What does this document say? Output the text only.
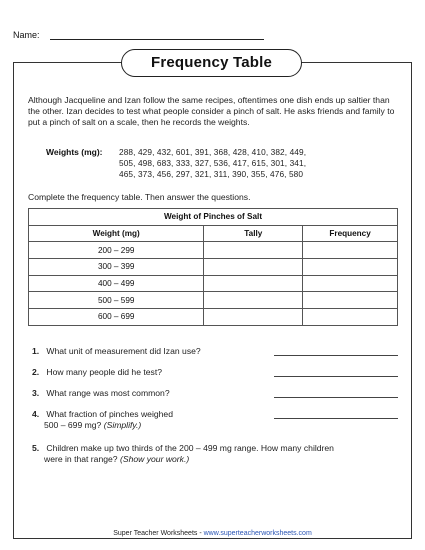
Name:
Frequency Table
Although Jacqueline and Izan follow the same recipes, oftentimes one dish ends up saltier than the other. Izan decides to test what people consider a pinch of salt. He asks friends and family to put a pinch of salt on a scale, then he records the weights.
Weights (mg): 288, 429, 432, 601, 391, 368, 428, 410, 382, 449,
505, 498, 683, 333, 327, 536, 417, 615, 301, 341,
465, 373, 456, 297, 321, 311, 390, 355, 476, 580
Complete the frequency table. Then answer the questions.
Weight of Pinches of Salt		
Weight (mg)	Tally	Frequency
200 – 299		
300 – 399		
400 – 499		
500 – 599		
600 – 699		
1. What unit of measurement did Izan use?
2. How many people did he test?
3. What range was most common?
4. What fraction of pinches weighed
500 – 699 mg? (Simplify.)
5. Children make up two thirds of the 200 – 499 mg range. How many children
were in that range? (Show your work.)
Super Teacher Worksheets - www.superteacherworksheets.com
